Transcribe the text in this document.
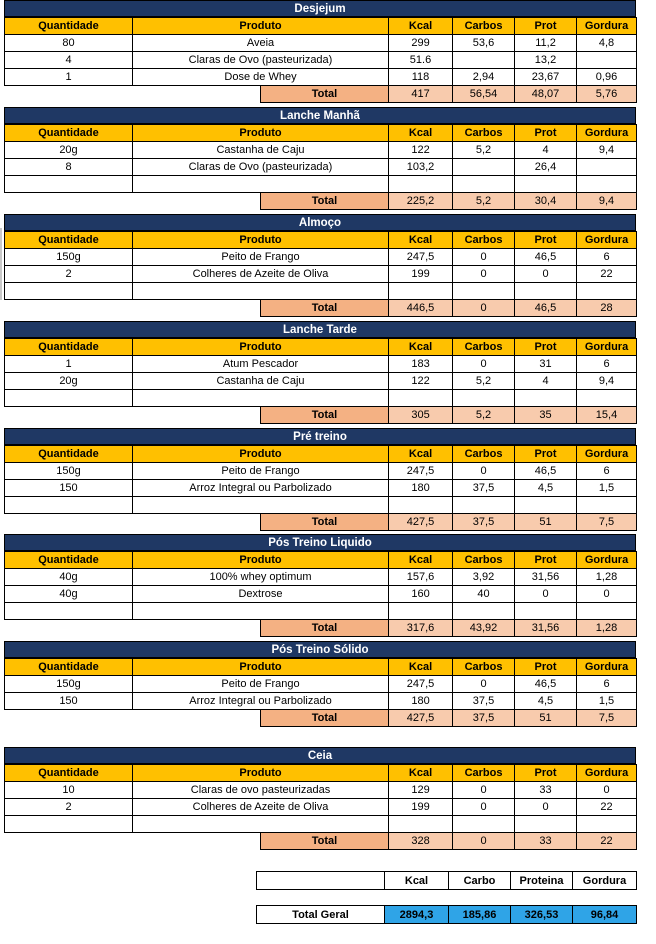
Desjejum
Quantidade	Produto		Kcal	Carbos	Prot	Gordura
80	Aveia		299	53,6	11,2	4,8
4	Claras de Ovo (pasteurizada)		51.6		13,2	
1	Dose de Whey		118	2,94	23,67	0,96
		Total	417	56,54	48,07	5,76
Lanche Manhã
Quantidade	Produto		Kcal	Carbos	Prot	Gordura
20g	Castanha de Caju		122	5,2	4	9,4
8	Claras de Ovo (pasteurizada)		103,2		26,4	

		Total	225,2	5,2	30,4	9,4
Almoço
Quantidade	Produto		Kcal	Carbos	Prot	Gordura
150g	Peito de Frango		247,5	0	46,5	6
2	Colheres de Azeite de Oliva		199	0	0	22

		Total	446,5	0	46,5	28
Lanche Tarde
Quantidade	Produto		Kcal	Carbos	Prot	Gordura
1	Atum Pescador		183	0	31	6
20g	Castanha de Caju		122	5,2	4	9,4

		Total	305	5,2	35	15,4
Pré treino
Quantidade	Produto		Kcal	Carbos	Prot	Gordura
150g	Peito de Frango		247,5	0	46,5	6
150	Arroz Integral ou Parbolizado		180	37,5	4,5	1,5

		Total	427,5	37,5	51	7,5
Pós Treino Liquido
Quantidade	Produto		Kcal	Carbos	Prot	Gordura
40g	100% whey optimum		157,6	3,92	31,56	1,28
40g	Dextrose		160	40	0	0

		Total	317,6	43,92	31,56	1,28
Pós Treino Sólido
Quantidade	Produto		Kcal	Carbos	Prot	Gordura
150g	Peito de Frango		247,5	0	46,5	6
150	Arroz Integral ou Parbolizado		180	37,5	4,5	1,5
		Total	427,5	37,5	51	7,5
Ceia
Quantidade	Produto		Kcal	Carbos	Prot	Gordura
10	Claras de ovo pasteurizadas		129	0	33	0
2	Colheres de Azeite de Oliva		199	0	0	22

		Total	328	0	33	22
	Kcal	Carbo	Proteina	Gordura
Total Geral	2894,3	185,86	326,53	96,84
